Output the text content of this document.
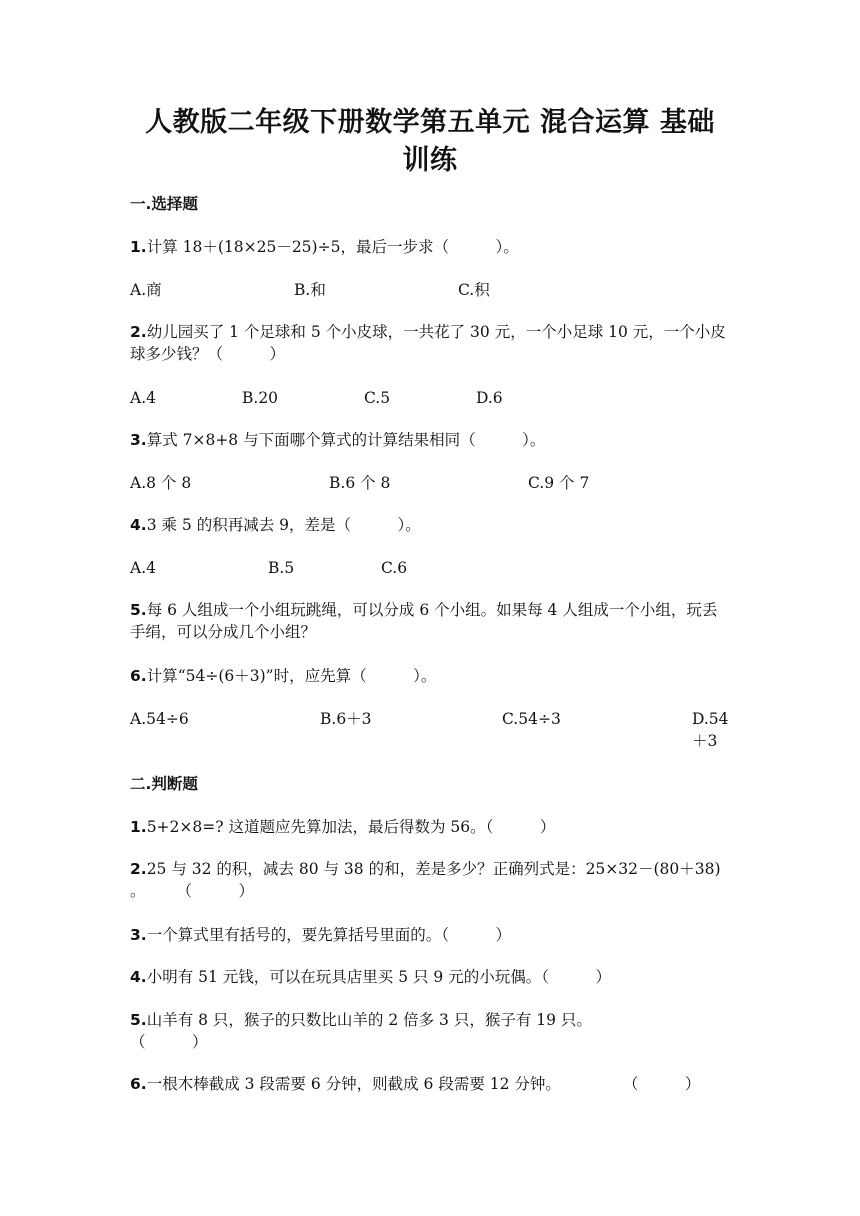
人教版二年级下册数学第五单元 混合运算 基础训练
一.选择题
1.计算 18＋(18×25－25)÷5，最后一步求（　　　）。
A.商	B.和	C.积
2.幼儿园买了 1 个足球和 5 个小皮球，一共花了 30 元，一个小足球 10 元，一个小皮球多少钱？（　　　）
A.4	B.20	C.5	D.6
3.算式 7×8+8 与下面哪个算式的计算结果相同（　　　）。
A.8 个 8	B.6 个 8	C.9 个 7
4.3 乘 5 的积再减去 9，差是（　　　）。
A.4	B.5	C.6
5.每 6 人组成一个小组玩跳绳，可以分成 6 个小组。如果每 4 人组成一个小组，玩丢手绢，可以分成几个小组？
6.计算“54÷(6＋3)”时，应先算（　　　）。
A.54÷6	B.6＋3	C.54÷3	D.54 ＋3
二.判断题
1.5+2×8=? 这道题应先算加法，最后得数为 56。（　　　）
2.25 与 32 的积，减去 80 与 38 的和，差是多少？正确列式是：25×32－(80＋38) 。　　　（　　　）
3.一个算式里有括号的，要先算括号里面的。（　　　）
4.小明有 51 元钱，可以在玩具店里买 5 只 9 元的小玩偶。（　　　）
5.山羊有 8 只，猴子的只数比山羊的 2 倍多 3 只，猴子有 19 只。　　　（　　　）
6.一根木棒截成 3 段需要 6 分钟，则截成 6 段需要 12 分钟。　　　　　（　　　）
